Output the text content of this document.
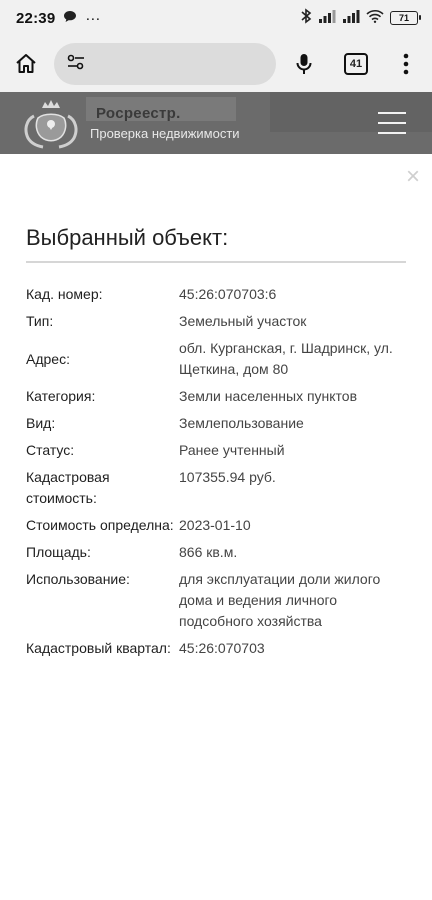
22:39 ···	71
41
Росреестр.
Проверка недвижимости
×
Выбранный объект:
Кад. номер:	45:26:070703:6
Тип:	Земельный участок
Адрес:
обл. Курганская, г. Шадринск, ул. Щеткина, дом 80
Категория:	Земли населенных пунктов
Вид:	Землепользование
Статус:	Ранее учтенный
Кадастровая стоимость:
107355.94 руб.
Стоимость определна: 2023-01-10
Площадь:	866 кв.м.
Использование:	для эксплуатации доли жилого дома и ведения личного подсобного хозяйства
Кадастровый квартал: 45:26:070703
